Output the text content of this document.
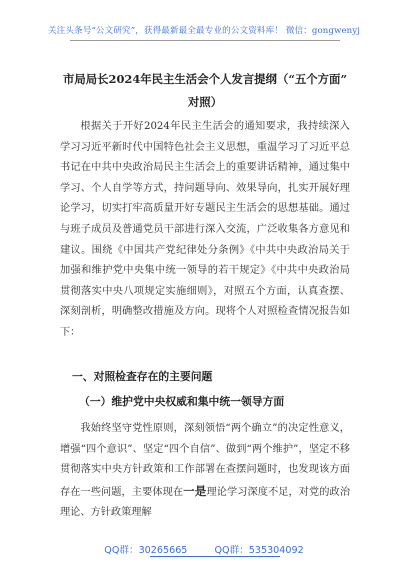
关注头条号“公文研究”，获得最新最全最专业的公文资料库！ 微信：gongwenyj
市局局长2024年民主生活会个人发言提纲（“五个方面”
对照）

根据关于开好2024年民主生活会的通知要求，我持续深入学习习近平新时代中国特色社会主义思想，重温学习了习近平总书记在中共中央政治局民主生活会上的重要讲话精神，通过集中学习、个人自学等方式，持问题导向、效果导向，扎实开展好理论学习，切实打牢高质量开好专题民主生活会的思想基础。通过与班子成员及普通党员干部进行深入交流，广泛收集各方意见和建议。围绕《中国共产党纪律处分条例》《中共中央政治局关于加强和维护党中央集中统一领导的若干规定》《中共中央政治局贯彻落实中央八项规定实施细则》，对照五个方面，认真查摆、深刻剖析，明确整改措施及方向。现将个人对照检查情况报告如下：

一、对照检查存在的主要问题
（一）维护党中央权威和集中统一领导方面

我始终坚守党性原则，深刻领悟“两个确立”的决定性意义，增强“四个意识”、坚定“四个自信”、做到“两个维护”，坚定不移贯彻落实中央方针政策和工作部署在查摆问题时，也发现该方面存在一些问题，主要体现在一是理论学习深度不足，对党的政治理论、方针政策理解

QQ群：30265665	QQ群：535304092
